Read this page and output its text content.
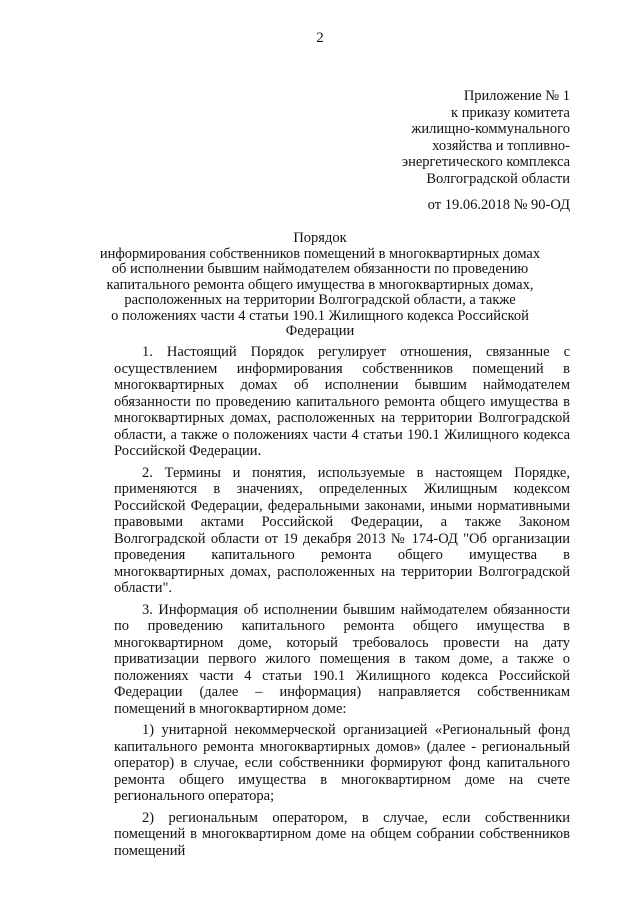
2
Приложение № 1
к приказу комитета
жилищно-коммунального
хозяйства и топливно-
энергетического комплекса
Волгоградской области
от 19.06.2018 № 90-ОД
Порядок
информирования собственников помещений в многоквартирных домах
об исполнении бывшим наймодателем обязанности по проведению
капитального ремонта общего имущества в многоквартирных домах,
расположенных на территории Волгоградской области, а также
о положениях части 4 статьи 190.1 Жилищного кодекса Российской
Федерации

1. Настоящий Порядок регулирует отношения, связанные с осуществлением информирования собственников помещений в многоквартирных домах об исполнении бывшим наймодателем обязанности по проведению капитального ремонта общего имущества в многоквартирных домах, расположенных на территории Волгоградской области, а также о положениях части 4 статьи 190.1 Жилищного кодекса Российской Федерации.

2. Термины и понятия, используемые в настоящем Порядке, применяются в значениях, определенных Жилищным кодексом Российской Федерации, федеральными законами, иными нормативными правовыми актами Российской Федерации, а также Законом Волгоградской области от 19 декабря 2013 № 174-ОД "Об организации проведения капитального ремонта общего имущества в многоквартирных домах, расположенных на территории Волгоградской области".

3. Информация об исполнении бывшим наймодателем обязанности по проведению капитального ремонта общего имущества в многоквартирном доме, который требовалось провести на дату приватизации первого жилого помещения в таком доме, а также о положениях части 4 статьи 190.1 Жилищного кодекса Российской Федерации (далее – информация) направляется собственникам помещений в многоквартирном доме:

1) унитарной некоммерческой организацией «Региональный фонд капитального ремонта многоквартирных домов» (далее - региональный оператор) в случае, если собственники формируют фонд капитального ремонта общего имущества в многоквартирном доме на счете регионального оператора;

2) региональным оператором, в случае, если собственники помещений в многоквартирном доме на общем собрании собственников помещений
